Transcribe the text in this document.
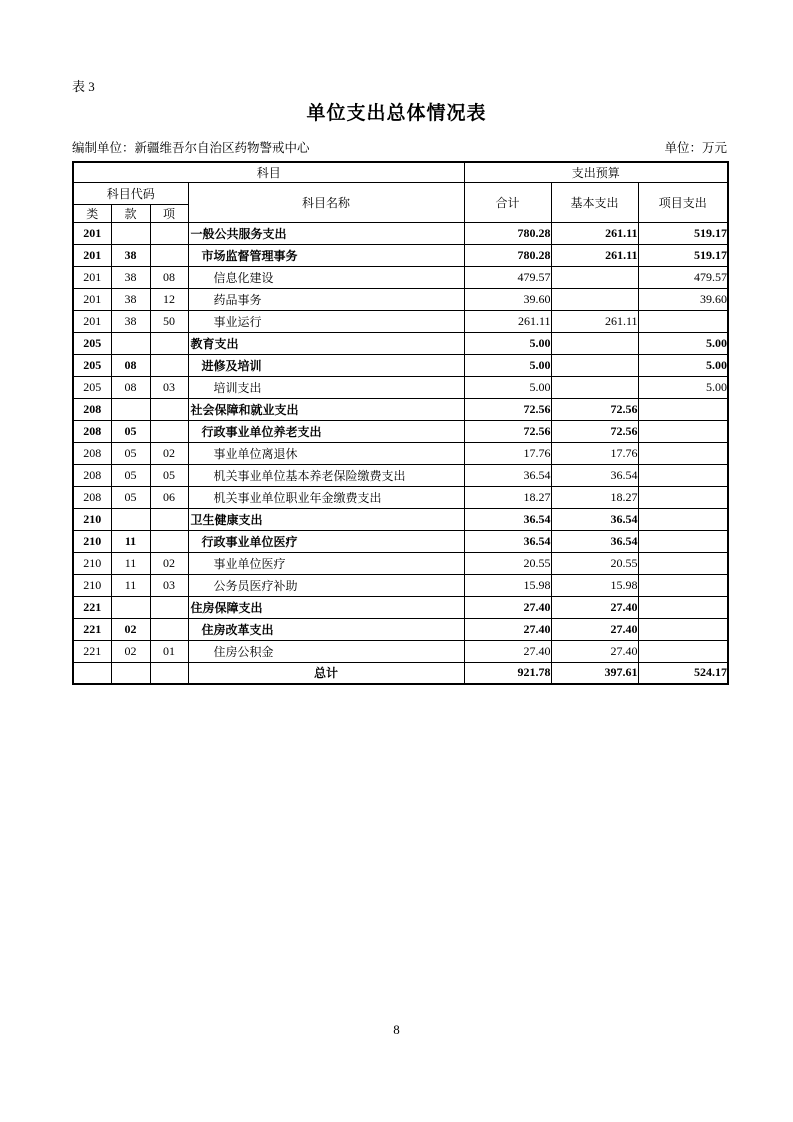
表 3
单位支出总体情况表
编制单位：新疆维吾尔自治区药物警戒中心	单位：万元
科目				支出预算		
科目代码			科目名称	合计	基本支出	项目支出
类	款	项				
201			一般公共服务支出	780.28	261.11	519.17
201	38		市场监督管理事务	780.28	261.11	519.17
201	38	08	信息化建设	479.57		479.57
201	38	12	药品事务	39.60		39.60
201	38	50	事业运行	261.11	261.11	
205			教育支出	5.00		5.00
205	08		进修及培训	5.00		5.00
205	08	03	培训支出	5.00		5.00
208			社会保障和就业支出	72.56	72.56	
208	05		行政事业单位养老支出	72.56	72.56	
208	05	02	事业单位离退休	17.76	17.76	
208	05	05	机关事业单位基本养老保险缴费支出	36.54	36.54	
208	05	06	机关事业单位职业年金缴费支出	18.27	18.27	
210			卫生健康支出	36.54	36.54	
210	11		行政事业单位医疗	36.54	36.54	
210	11	02	事业单位医疗	20.55	20.55	
210	11	03	公务员医疗补助	15.98	15.98	
221			住房保障支出	27.40	27.40	
221	02		住房改革支出	27.40	27.40	
221	02	01	住房公积金	27.40	27.40	
			总计	921.78	397.61	524.17
8
